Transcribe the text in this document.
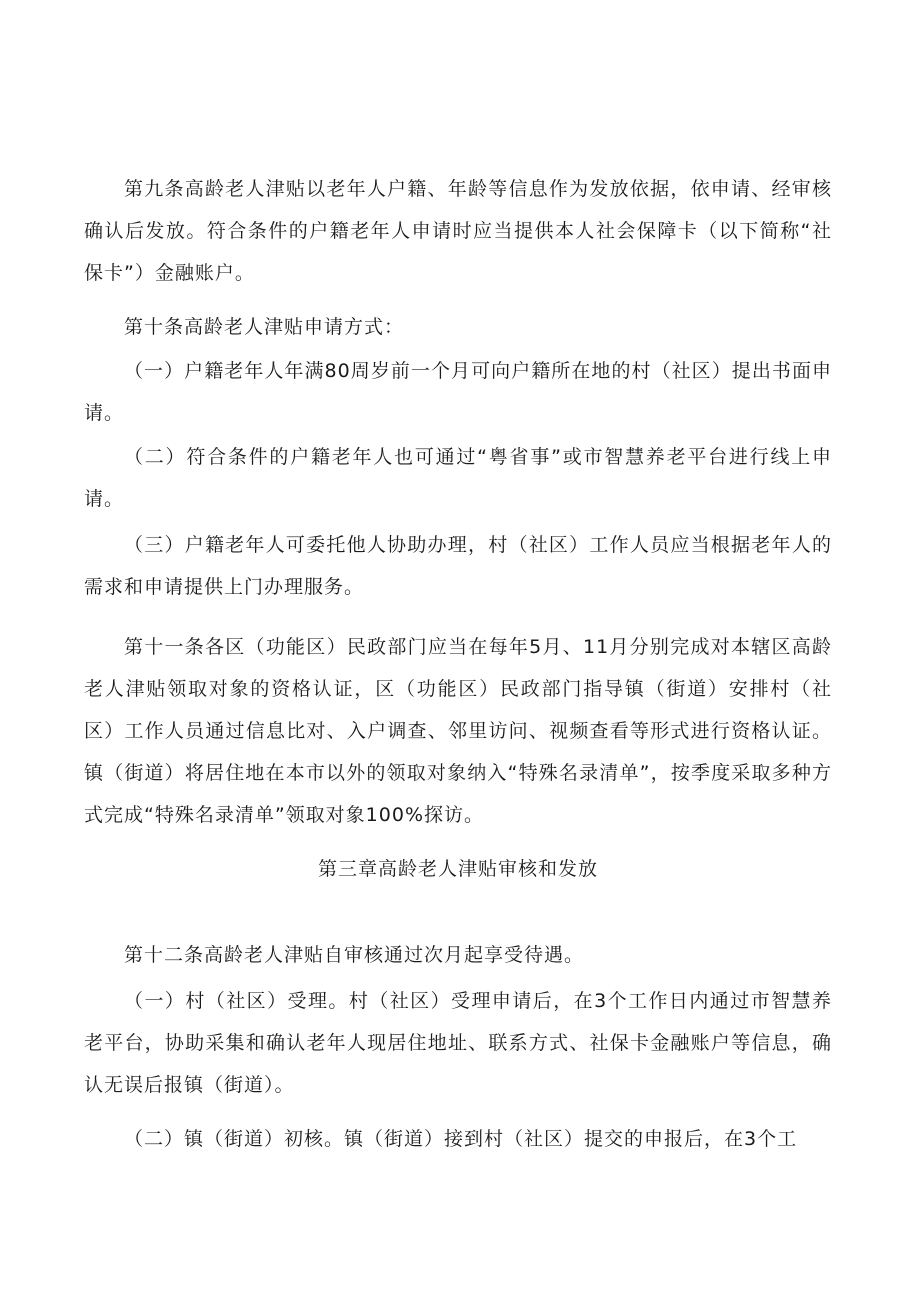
第九条高龄老人津贴以老年人户籍、年龄等信息作为发放依据，依申请、经审核确认后发放。符合条件的户籍老年人申请时应当提供本人社会保障卡（以下简称“社保卡”）金融账户。

第十条高龄老人津贴申请方式：

（一）户籍老年人年满80周岁前一个月可向户籍所在地的村（社区）提出书面申请。

（二）符合条件的户籍老年人也可通过“粤省事”或市智慧养老平台进行线上申请。

（三）户籍老年人可委托他人协助办理，村（社区）工作人员应当根据老年人的需求和申请提供上门办理服务。

第十一条各区（功能区）民政部门应当在每年5月、11月分别完成对本辖区高龄老人津贴领取对象的资格认证，区（功能区）民政部门指导镇（街道）安排村（社区）工作人员通过信息比对、入户调查、邻里访问、视频查看等形式进行资格认证。镇（街道）将居住地在本市以外的领取对象纳入“特殊名录清单”，按季度采取多种方式完成“特殊名录清单”领取对象100%探访。

第三章高龄老人津贴审核和发放

第十二条高龄老人津贴自审核通过次月起享受待遇。

（一）村（社区）受理。村（社区）受理申请后，在3个工作日内通过市智慧养老平台，协助采集和确认老年人现居住地址、联系方式、社保卡金融账户等信息，确认无误后报镇（街道）。

（二）镇（街道）初核。镇（街道）接到村（社区）提交的申报后，在3个工
